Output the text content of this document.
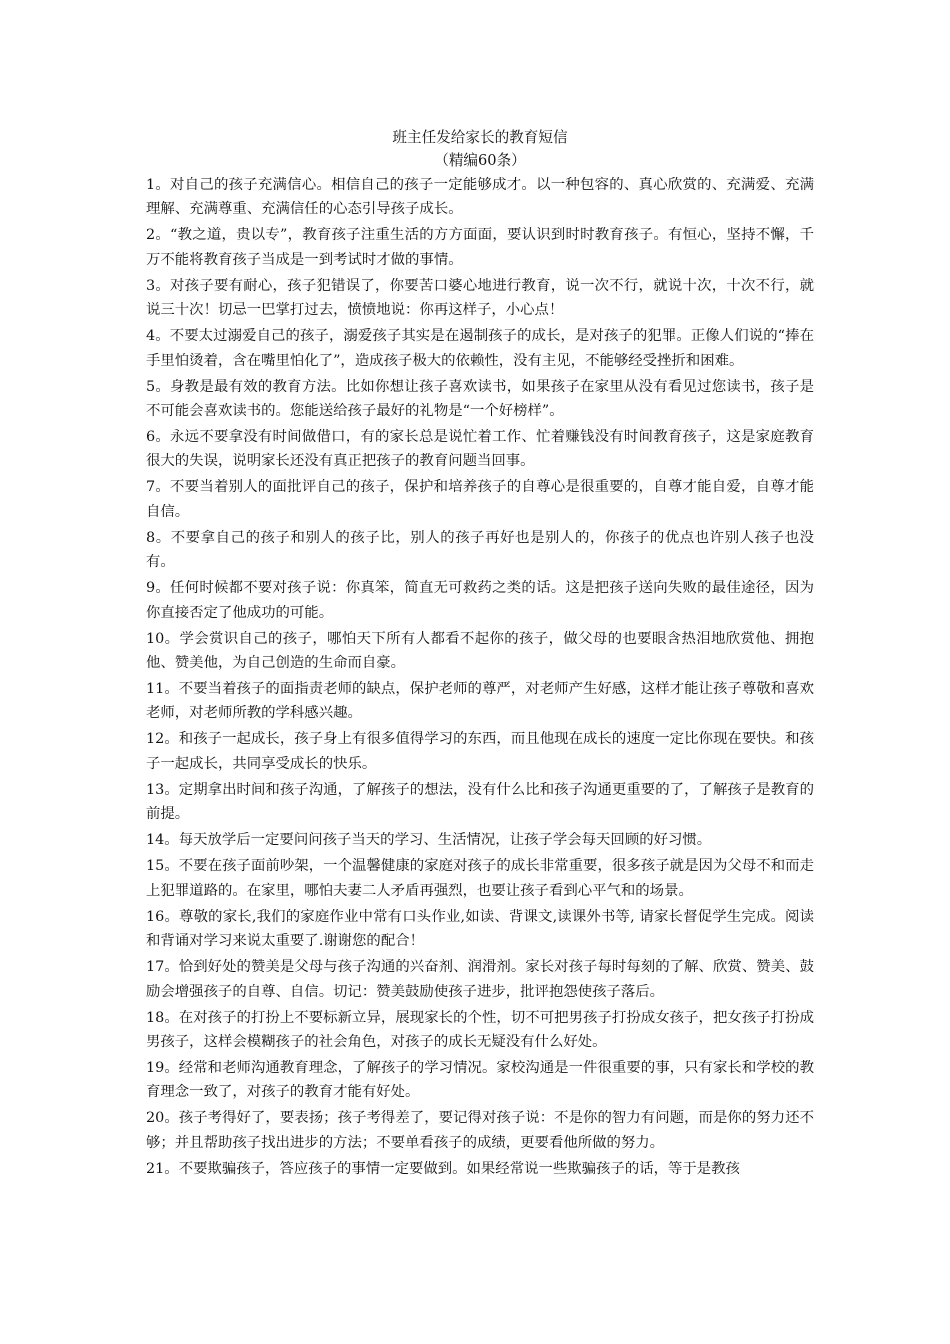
班主任发给家长的教育短信
（精编60条）
1。对自己的孩子充满信心。相信自己的孩子一定能够成才。以一种包容的、真心欣赏的、充满爱、充满理解、充满尊重、充满信任的心态引导孩子成长。
2。“教之道，贵以专”，教育孩子注重生活的方方面面，要认识到时时教育孩子。有恒心，坚持不懈，千万不能将教育孩子当成是一到考试时才做的事情。
3。对孩子要有耐心，孩子犯错误了，你要苦口婆心地进行教育，说一次不行，就说十次，十次不行，就说三十次！切忌一巴掌打过去，愤愤地说：你再这样子，小心点！
4。不要太过溺爱自己的孩子，溺爱孩子其实是在遏制孩子的成长，是对孩子的犯罪。正像人们说的“捧在手里怕烫着，含在嘴里怕化了”，造成孩子极大的依赖性，没有主见，不能够经受挫折和困难。
5。身教是最有效的教育方法。比如你想让孩子喜欢读书，如果孩子在家里从没有看见过您读书，孩子是不可能会喜欢读书的。您能送给孩子最好的礼物是“一个好榜样”。
6。永远不要拿没有时间做借口，有的家长总是说忙着工作、忙着赚钱没有时间教育孩子，这是家庭教育很大的失误，说明家长还没有真正把孩子的教育问题当回事。
7。不要当着别人的面批评自己的孩子，保护和培养孩子的自尊心是很重要的，自尊才能自爱，自尊才能自信。
8。不要拿自己的孩子和别人的孩子比，别人的孩子再好也是别人的，你孩子的优点也许别人孩子也没有。
9。任何时候都不要对孩子说：你真笨，简直无可救药之类的话。这是把孩子送向失败的最佳途径，因为你直接否定了他成功的可能。
10。学会赏识自己的孩子，哪怕天下所有人都看不起你的孩子，做父母的也要眼含热泪地欣赏他、拥抱他、赞美他，为自己创造的生命而自豪。
11。不要当着孩子的面指责老师的缺点，保护老师的尊严，对老师产生好感，这样才能让孩子尊敬和喜欢老师，对老师所教的学科感兴趣。
12。和孩子一起成长，孩子身上有很多值得学习的东西，而且他现在成长的速度一定比你现在要快。和孩子一起成长，共同享受成长的快乐。
13。定期拿出时间和孩子沟通，了解孩子的想法，没有什么比和孩子沟通更重要的了，了解孩子是教育的前提。
14。每天放学后一定要问问孩子当天的学习、生活情况，让孩子学会每天回顾的好习惯。
15。不要在孩子面前吵架，一个温馨健康的家庭对孩子的成长非常重要，很多孩子就是因为父母不和而走上犯罪道路的。在家里，哪怕夫妻二人矛盾再强烈，也要让孩子看到心平气和的场景。
16。尊敬的家长,我们的家庭作业中常有口头作业,如读、背课文,读课外书等, 请家长督促学生完成。阅读和背诵对学习来说太重要了.谢谢您的配合！
17。恰到好处的赞美是父母与孩子沟通的兴奋剂、润滑剂。家长对孩子每时每刻的了解、欣赏、赞美、鼓励会增强孩子的自尊、自信。切记：赞美鼓励使孩子进步，批评抱怨使孩子落后。
18。在对孩子的打扮上不要标新立异，展现家长的个性，切不可把男孩子打扮成女孩子，把女孩子打扮成男孩子，这样会模糊孩子的社会角色，对孩子的成长无疑没有什么好处。
19。经常和老师沟通教育理念，了解孩子的学习情况。家校沟通是一件很重要的事，只有家长和学校的教育理念一致了，对孩子的教育才能有好处。
20。孩子考得好了，要表扬；孩子考得差了，要记得对孩子说：不是你的智力有问题，而是你的努力还不够；并且帮助孩子找出进步的方法；不要单看孩子的成绩，更要看他所做的努力。
21。不要欺骗孩子，答应孩子的事情一定要做到。如果经常说一些欺骗孩子的话，等于是教孩
